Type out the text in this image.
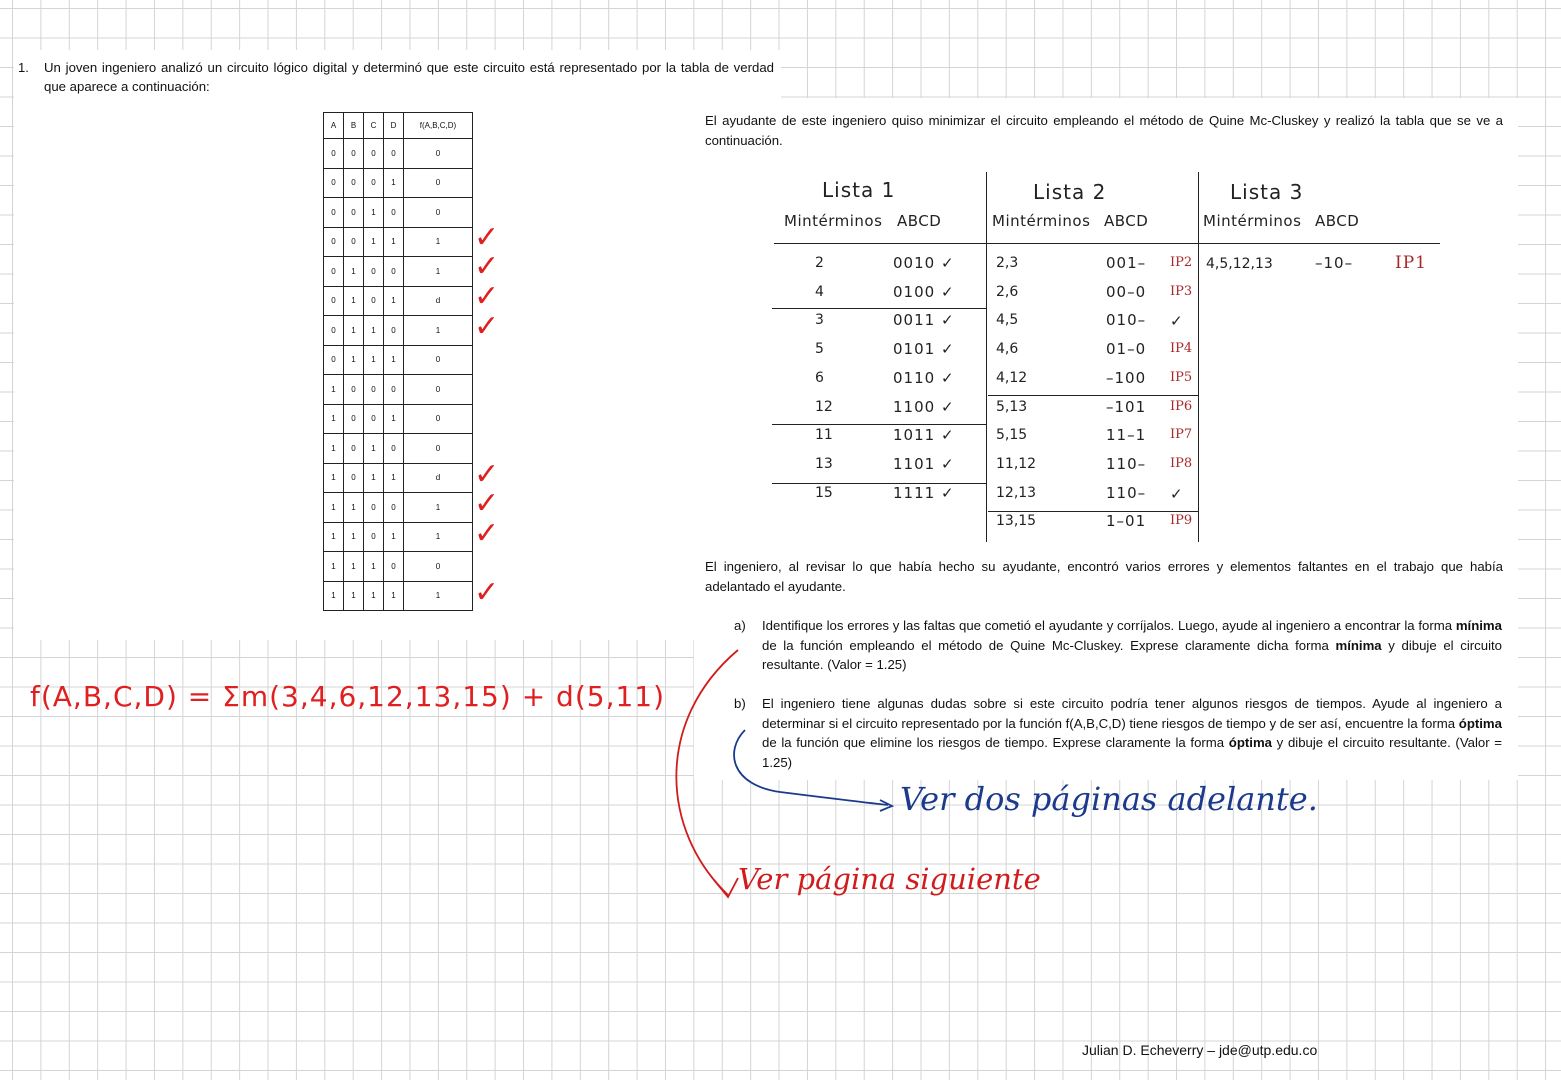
1. Un joven ingeniero analizó un circuito lógico digital y determinó que este circuito está representado por la tabla de verdad que aparece a continuación:
A	B	C	D	f(A,B,C,D)
0	0	0	0	0
0	0	0	1	0
0	0	1	0	0
0	0	1	1	1
0	1	0	0	1
0	1	0	1	d
0	1	1	0	1
0	1	1	1	0
1	0	0	0	0
1	0	0	1	0
1	0	1	0	0
1	0	1	1	d
1	1	0	0	1
1	1	0	1	1
1	1	1	0	0
1	1	1	1	1
✓
✓
✓
✓
✓
✓
✓
✓
El ayudante de este ingeniero quiso minimizar el circuito empleando el método de Quine Mc-Cluskey y realizó la tabla que se ve a continuación.
Lista 1
Mintérminos ABCD
Lista 2
Mintérminos ABCD
Lista 3
Mintérminos ABCD
2	0010 ✓
4	0100 ✓
3	0011 ✓
5	0101 ✓
6	0110 ✓
12	1100 ✓
11	1011 ✓
13	1101 ✓
15	1111 ✓
2,3	001– IP2
2,6	00–0 IP3
4,5	010– ✓
4,6	01–0 IP4
4,12	–100 IP5
5,13	–101 IP6
5,15	11–1 IP7
11,12	110– IP8
12,13	110– ✓
13,15	1–01 IP9
4,5,12,13	–10– IP1
El ingeniero, al revisar lo que había hecho su ayudante, encontró varios errores y elementos faltantes en el trabajo que había adelantado el ayudante.
a) Identifique los errores y las faltas que cometió el ayudante y corríjalos. Luego, ayude al ingeniero a encontrar la forma mínima de la función empleando el método de Quine Mc-Cluskey. Exprese claramente dicha forma mínima y dibuje el circuito resultante. (Valor = 1.25)
b) El ingeniero tiene algunas dudas sobre si este circuito podría tener algunos riesgos de tiempos. Ayude al ingeniero a determinar si el circuito representado por la función f(A,B,C,D) tiene riesgos de tiempo y de ser así, encuentre la forma óptima de la función que elimine los riesgos de tiempo. Exprese claramente la forma óptima y dibuje el circuito resultante. (Valor = 1.25)
f(A,B,C,D) = Σm(3,4,6,12,13,15) + d(5,11)
Ver dos páginas adelante.
Ver página siguiente
Julian D. Echeverry – jde@utp.edu.co
